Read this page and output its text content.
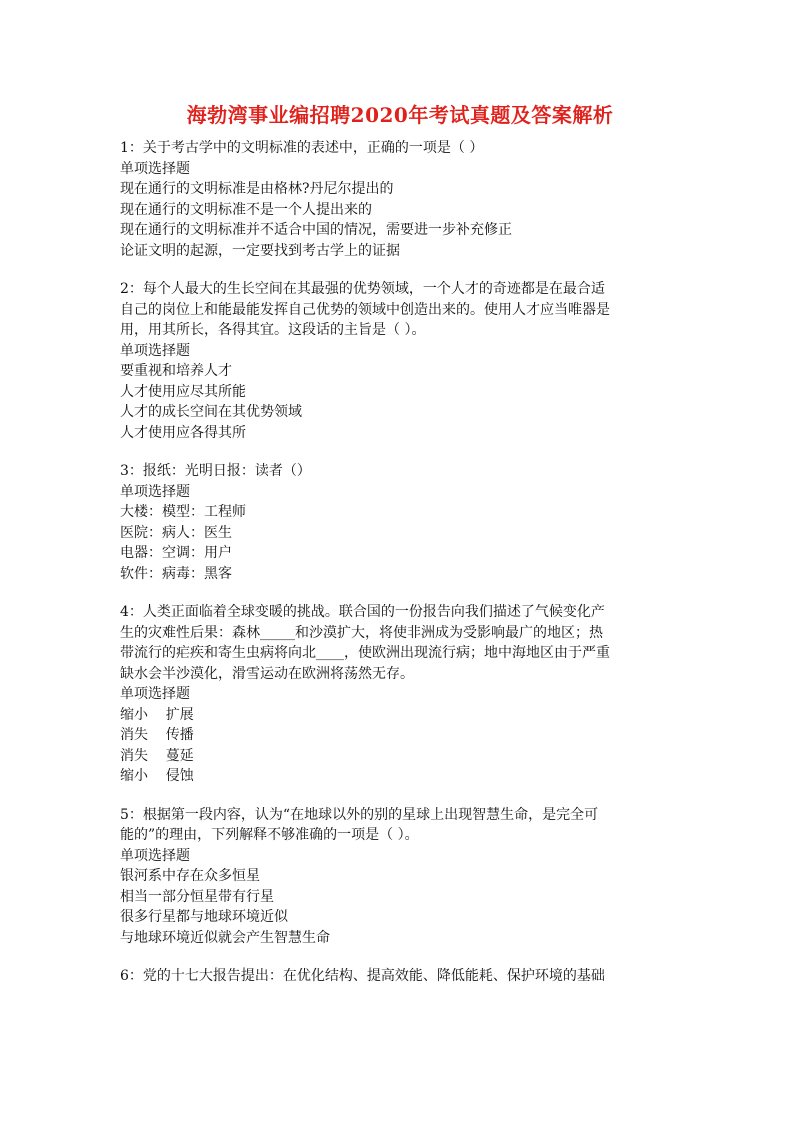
海勃湾事业编招聘2020年考试真题及答案解析
1：关于考古学中的文明标准的表述中，正确的一项是（ ）
单项选择题
现在通行的文明标准是由格林?丹尼尔提出的
现在通行的文明标准不是一个人提出来的
现在通行的文明标准并不适合中国的情况，需要进一步补充修正
论证文明的起源，一定要找到考古学上的证据
2：每个人最大的生长空间在其最强的优势领域，一个人才的奇迹都是在最合适
自己的岗位上和能最能发挥自己优势的领域中创造出来的。使用人才应当唯器是
用，用其所长，各得其宜。这段话的主旨是（ ）。
单项选择题
要重视和培养人才
人才使用应尽其所能
人才的成长空间在其优势领域
人才使用应各得其所
3：报纸：光明日报：读者（）
单项选择题
大楼：模型：工程师
医院：病人：医生
电器：空调：用户
软件：病毒：黑客
4：人类正面临着全球变暖的挑战。联合国的一份报告向我们描述了气候变化产
生的灾难性后果：森林_____和沙漠扩大，将使非洲成为受影响最广的地区；热
带流行的疟疾和寄生虫病将向北____，使欧洲出现流行病；地中海地区由于严重
缺水会半沙漠化，滑雪运动在欧洲将荡然无存。
单项选择题
缩小    扩展
消失    传播
消失    蔓延
缩小    侵蚀
5：根据第一段内容，认为“在地球以外的别的星球上出现智慧生命，是完全可
能的”的理由，下列解释不够准确的一项是（ ）。
单项选择题
银河系中存在众多恒星
相当一部分恒星带有行星
很多行星都与地球环境近似
与地球环境近似就会产生智慧生命
6：党的十七大报告提出：在优化结构、提高效能、降低能耗、保护环境的基础
